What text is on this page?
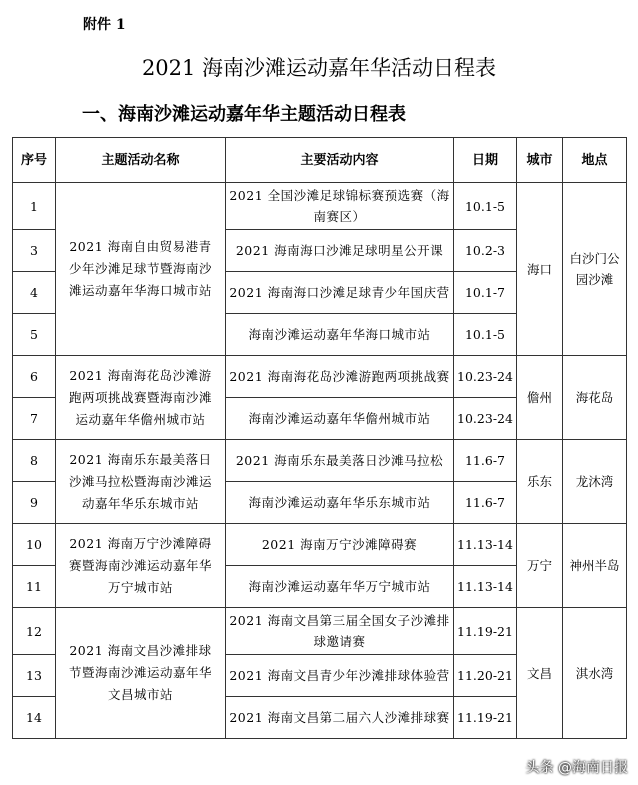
附件 1
2021 海南沙滩运动嘉年华活动日程表
一、海南沙滩运动嘉年华主题活动日程表
序号	主题活动名称	主要活动内容	日期	城市	地点
1	2021 海南自由贸易港青少年沙滩足球节暨海南沙滩运动嘉年华海口城市站	2021 全国沙滩足球锦标赛预选赛（海南赛区）	10.1-5	海口	白沙门公园沙滩
3		2021 海南海口沙滩足球明星公开课	10.2-3		
4		2021 海南海口沙滩足球青少年国庆营	10.1-7		
5		海南沙滩运动嘉年华海口城市站	10.1-5		
6	2021 海南海花岛沙滩游跑两项挑战赛暨海南沙滩运动嘉年华儋州城市站	2021 海南海花岛沙滩游跑两项挑战赛	10.23-24	儋州	海花岛
7		海南沙滩运动嘉年华儋州城市站	10.23-24		
8	2021 海南乐东最美落日沙滩马拉松暨海南沙滩运动嘉年华乐东城市站	2021 海南乐东最美落日沙滩马拉松	11.6-7	乐东	龙沐湾
9		海南沙滩运动嘉年华乐东城市站	11.6-7		
10	2021 海南万宁沙滩障碍赛暨海南沙滩运动嘉年华万宁城市站	2021 海南万宁沙滩障碍赛	11.13-14	万宁	神州半岛
11		海南沙滩运动嘉年华万宁城市站	11.13-14		
12	2021 海南文昌沙滩排球节暨海南沙滩运动嘉年华文昌城市站	2021 海南文昌第三届全国女子沙滩排球邀请赛	11.19-21	文昌	淇水湾
13		2021 海南文昌青少年沙滩排球体验营	11.20-21		
14		2021 海南文昌第二届六人沙滩排球赛	11.19-21		
头条 @海南日报
